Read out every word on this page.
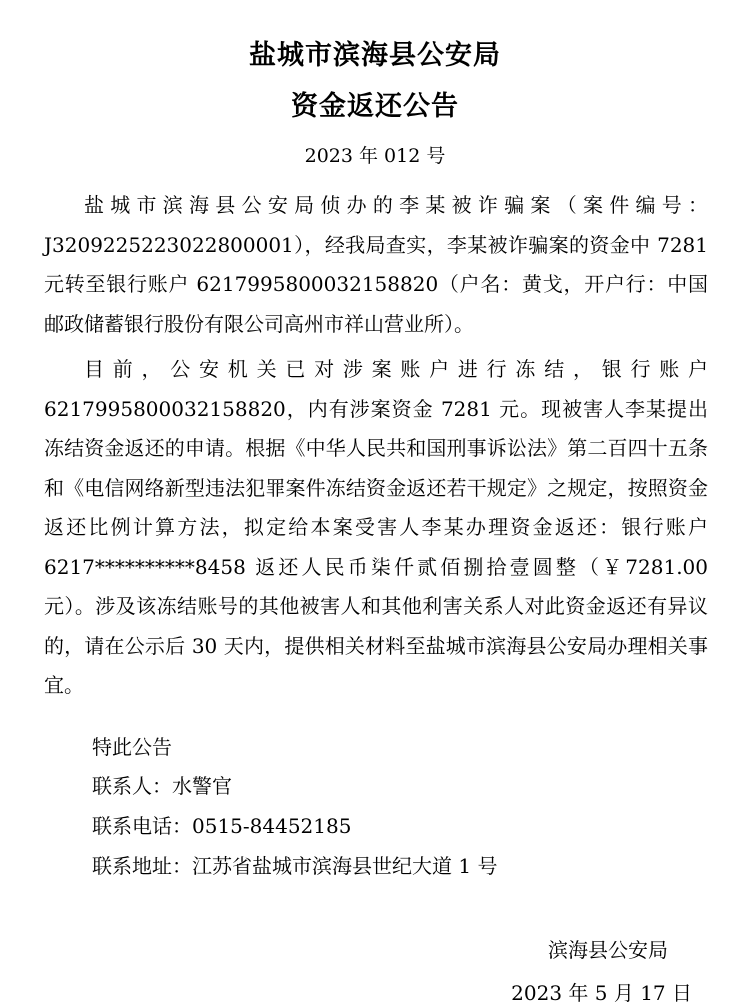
盐城市滨海县公安局
资金返还公告
2023 年 012 号

盐城市滨海县公安局侦办的李某被诈骗案（案件编号：J3209225223022800001），经我局查实，李某被诈骗案的资金中 7281 元转至银行账户 6217995800032158820（户名：黄戈，开户行：中国邮政储蓄银行股份有限公司高州市祥山营业所）。

目前，公安机关已对涉案账户进行冻结，银行账户 6217995800032158820，内有涉案资金 7281 元。现被害人李某提出冻结资金返还的申请。根据《中华人民共和国刑事诉讼法》第二百四十五条和《电信网络新型违法犯罪案件冻结资金返还若干规定》之规定，按照资金返还比例计算方法，拟定给本案受害人李某办理资金返还：银行账户 6217**********8458 返还人民币柒仟贰佰捌拾壹圆整（￥7281.00 元）。涉及该冻结账号的其他被害人和其他利害关系人对此资金返还有异议的，请在公示后 30 天内，提供相关材料至盐城市滨海县公安局办理相关事宜。

特此公告
联系人：水警官
联系电话：0515-84452185
联系地址：江苏省盐城市滨海县世纪大道 1 号
滨海县公安局
2023 年 5 月 17 日
